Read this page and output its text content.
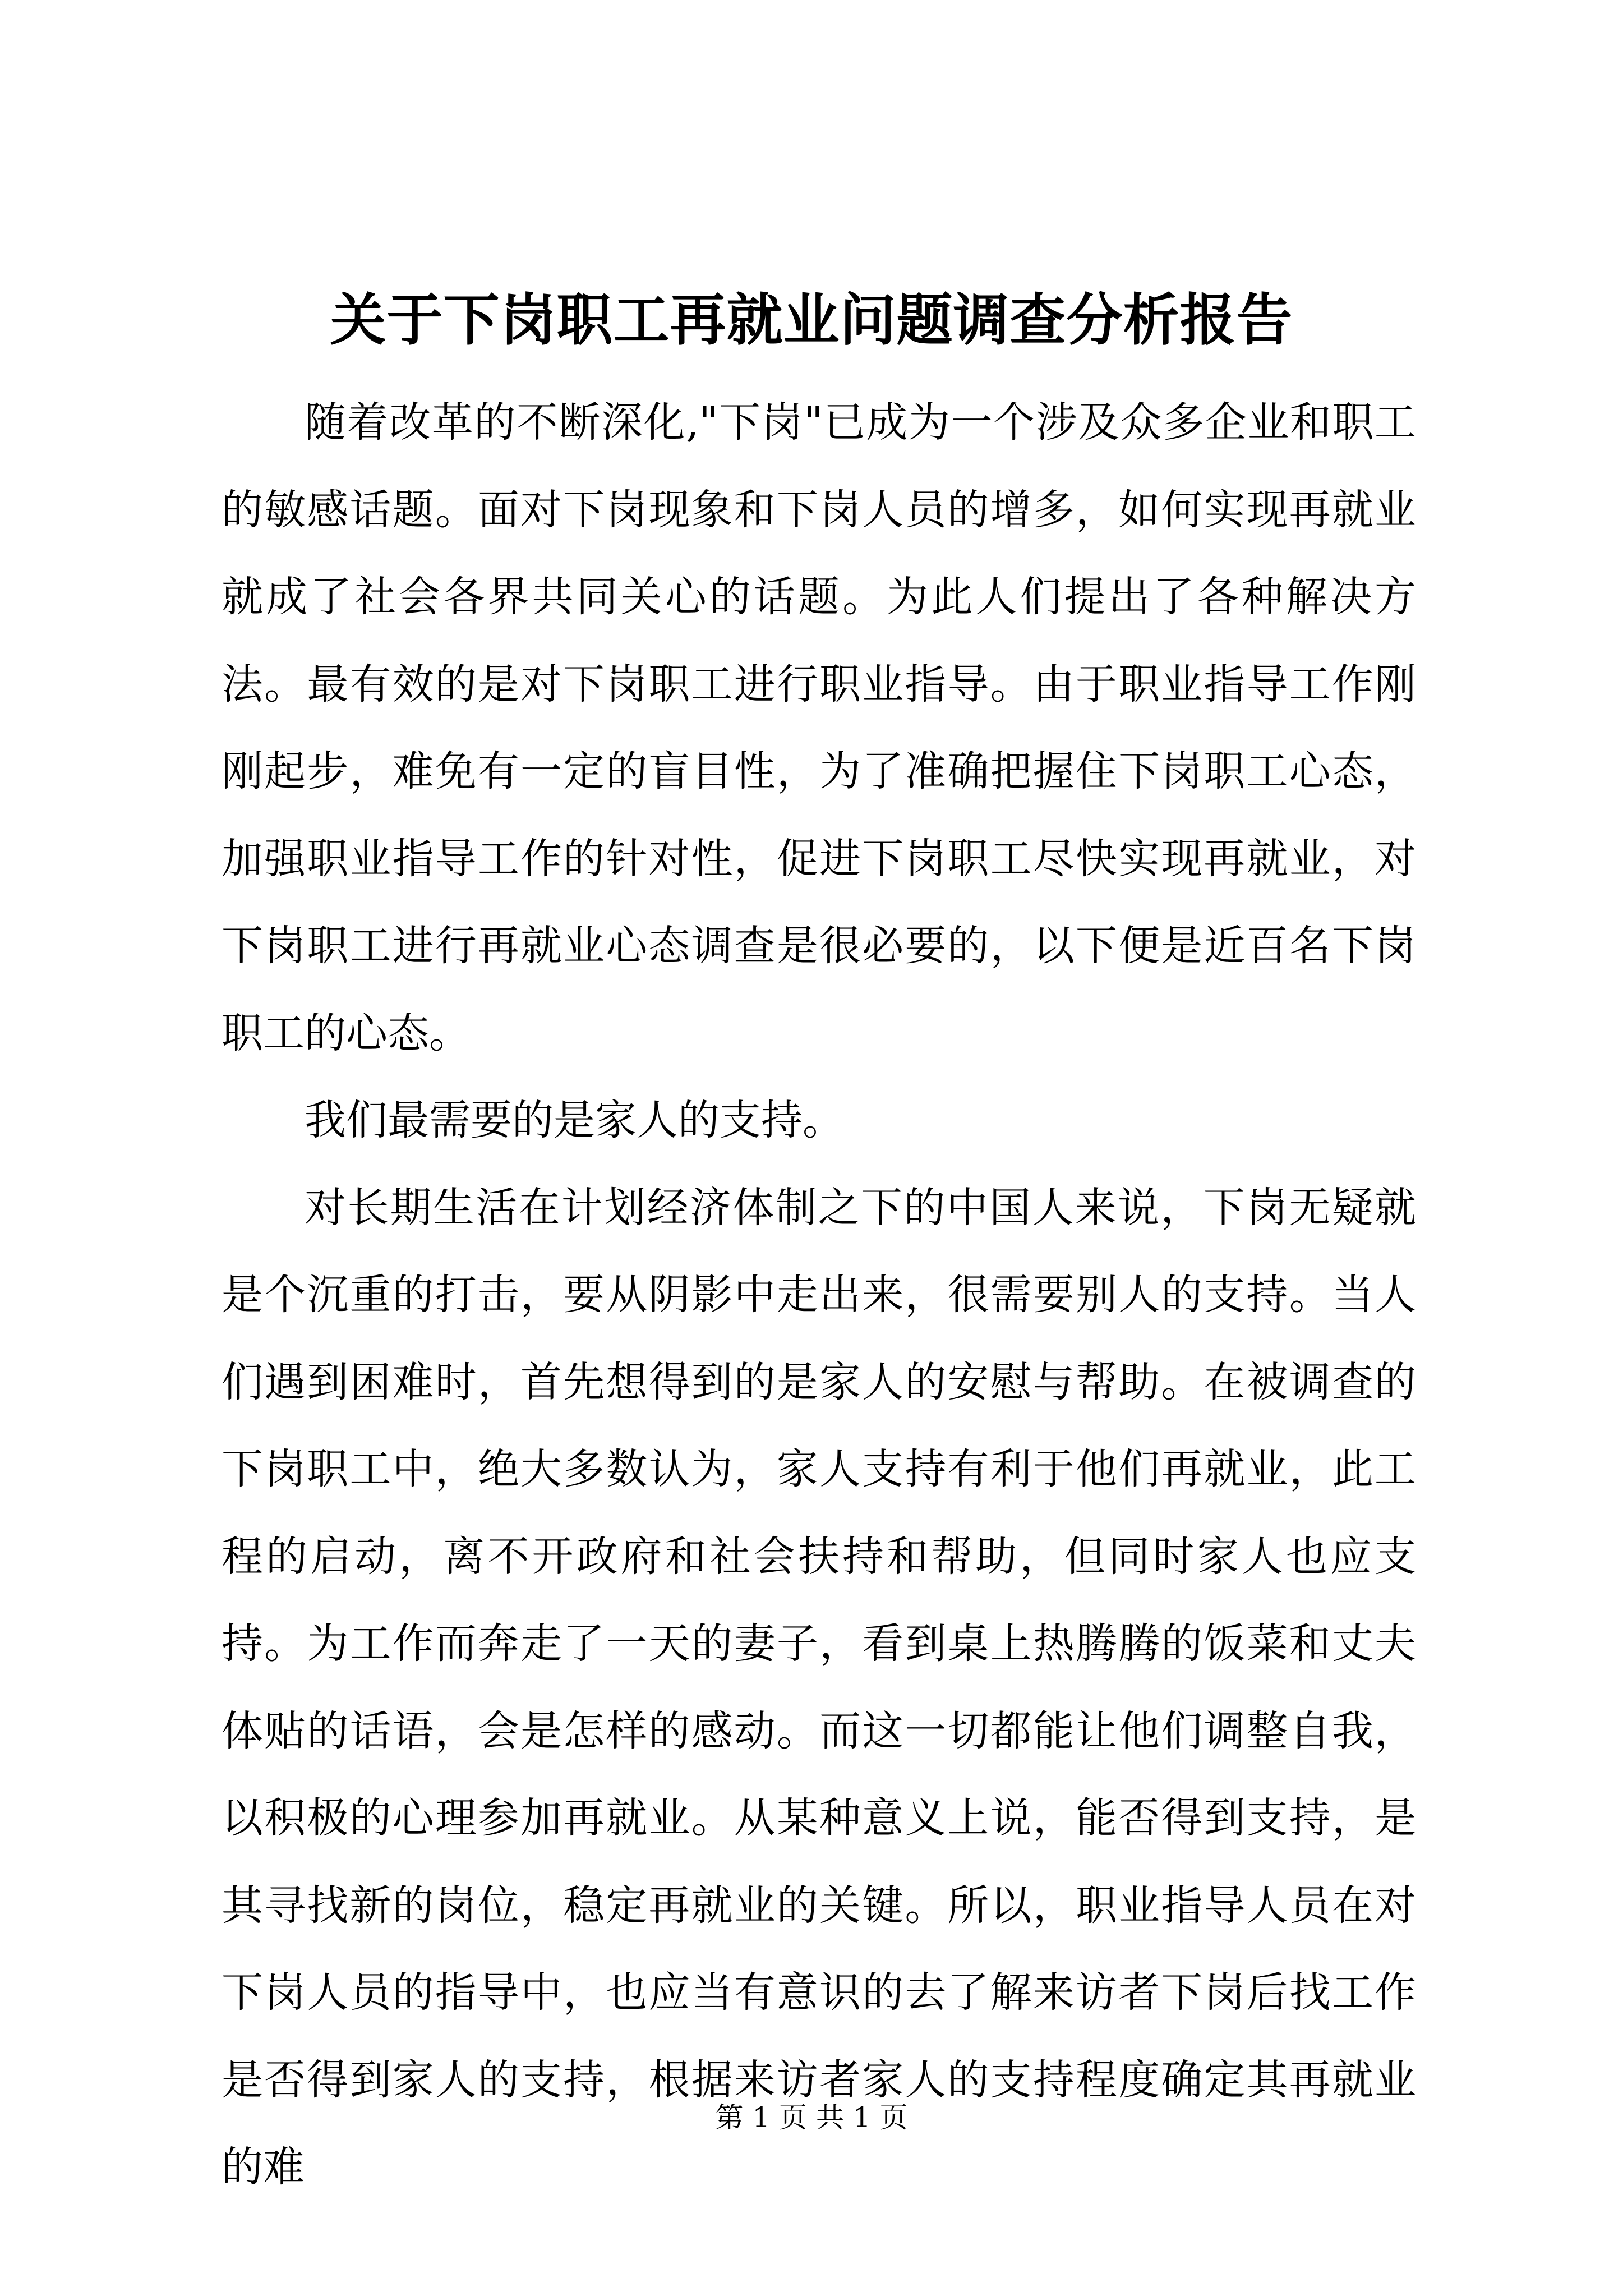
关于下岗职工再就业问题调查分析报告

随着改革的不断深化,"下岗"已成为一个涉及众多企业和职工的敏感话题。面对下岗现象和下岗人员的增多，如何实现再就业就成了社会各界共同关心的话题。为此人们提出了各种解决方法。最有效的是对下岗职工进行职业指导。由于职业指导工作刚刚起步，难免有一定的盲目性，为了准确把握住下岗职工心态，加强职业指导工作的针对性，促进下岗职工尽快实现再就业，对下岗职工进行再就业心态调查是很必要的，以下便是近百名下岗职工的心态。

我们最需要的是家人的支持。

对长期生活在计划经济体制之下的中国人来说，下岗无疑就是个沉重的打击，要从阴影中走出来，很需要别人的支持。当人们遇到困难时，首先想得到的是家人的安慰与帮助。在被调查的下岗职工中，绝大多数认为，家人支持有利于他们再就业，此工程的启动，离不开政府和社会扶持和帮助，但同时家人也应支持。为工作而奔走了一天的妻子，看到桌上热腾腾的饭菜和丈夫体贴的话语，会是怎样的感动。而这一切都能让他们调整自我，以积极的心理参加再就业。从某种意义上说，能否得到支持，是其寻找新的岗位，稳定再就业的关键。所以，职业指导人员在对下岗人员的指导中，也应当有意识的去了解来访者下岗后找工作是否得到家人的支持，根据来访者家人的支持程度确定其再就业的难

第 1 页 共 1 页
